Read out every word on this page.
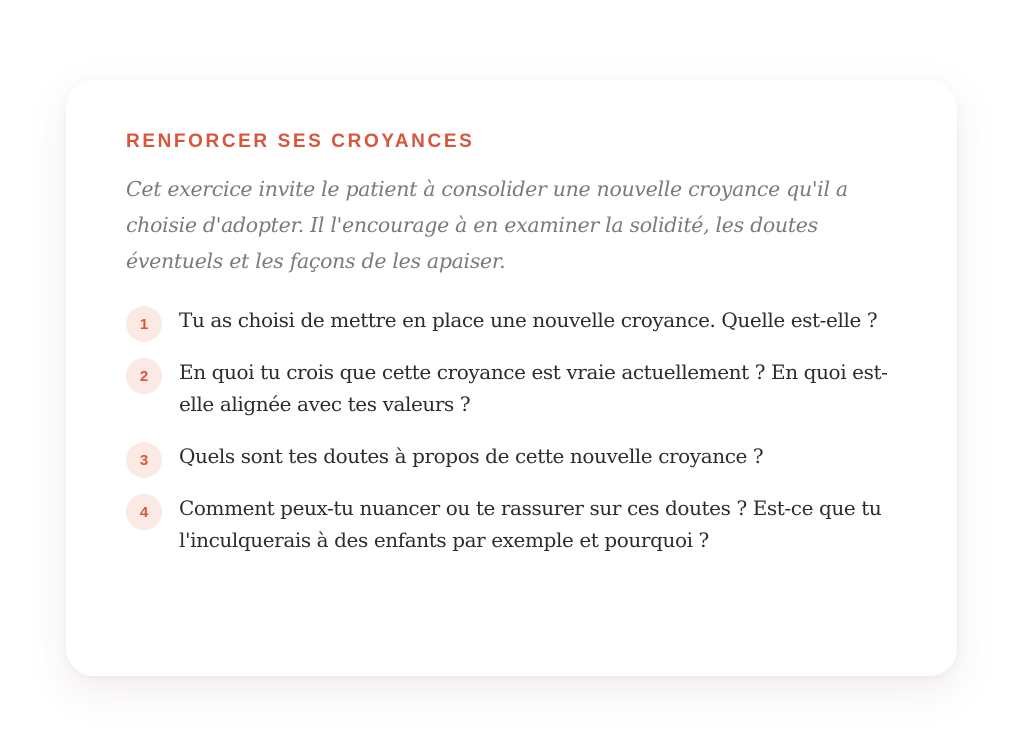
RENFORCER SES CROYANCES

Cet exercice invite le patient à consolider une nouvelle croyance qu'il a choisie d'adopter. Il l'encourage à en examiner la solidité, les doutes éventuels et les façons de les apaiser.

1	Tu as choisi de mettre en place une nouvelle croyance. Quelle est-elle ?
2	En quoi tu crois que cette croyance est vraie actuellement ? En quoi est-elle alignée avec tes valeurs ?
3	Quels sont tes doutes à propos de cette nouvelle croyance ?
4	Comment peux-tu nuancer ou te rassurer sur ces doutes ? Est-ce que tu l'inculquerais à des enfants par exemple et pourquoi ?
